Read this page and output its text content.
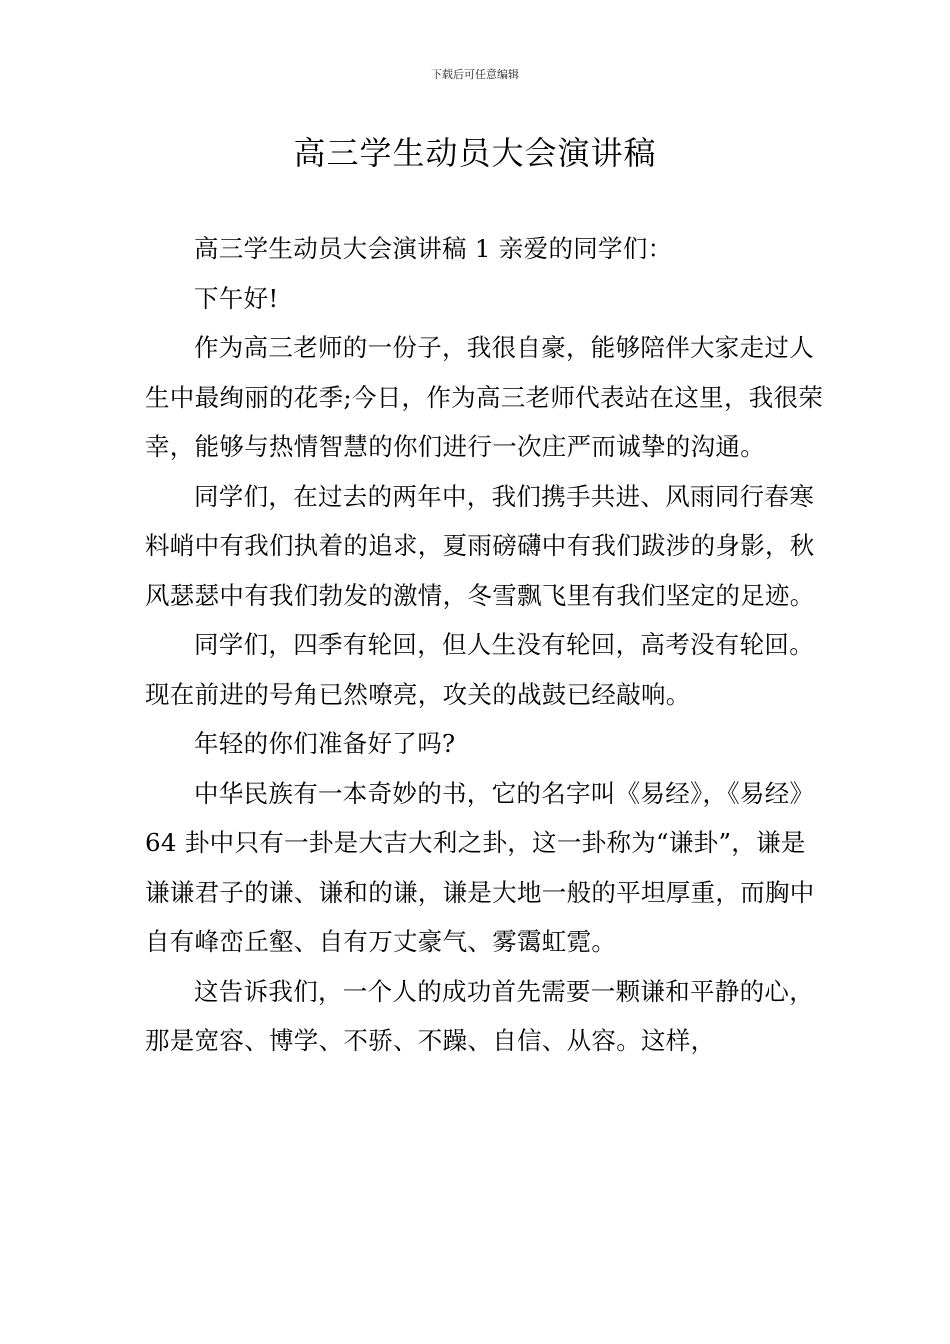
下载后可任意编辑
高三学生动员大会演讲稿

高三学生动员大会演讲稿 1 亲爱的同学们：

下午好!

作为高三老师的一份子，我很自豪，能够陪伴大家走过人生中最绚丽的花季;今日，作为高三老师代表站在这里，我很荣幸，能够与热情智慧的你们进行一次庄严而诚挚的沟通。

同学们，在过去的两年中，我们携手共进、风雨同行春寒料峭中有我们执着的追求，夏雨磅礴中有我们跋涉的身影，秋风瑟瑟中有我们勃发的激情，冬雪飘飞里有我们坚定的足迹。

同学们，四季有轮回，但人生没有轮回，高考没有轮回。现在前进的号角已然嘹亮，攻关的战鼓已经敲响。

年轻的你们准备好了吗?

中华民族有一本奇妙的书，它的名字叫《易经》，《易经》64 卦中只有一卦是大吉大利之卦，这一卦称为“谦卦”，谦是谦谦君子的谦、谦和的谦，谦是大地一般的平坦厚重，而胸中自有峰峦丘壑、自有万丈豪气、雾霭虹霓。

这告诉我们，一个人的成功首先需要一颗谦和平静的心，那是宽容、博学、不骄、不躁、自信、从容。这样，
